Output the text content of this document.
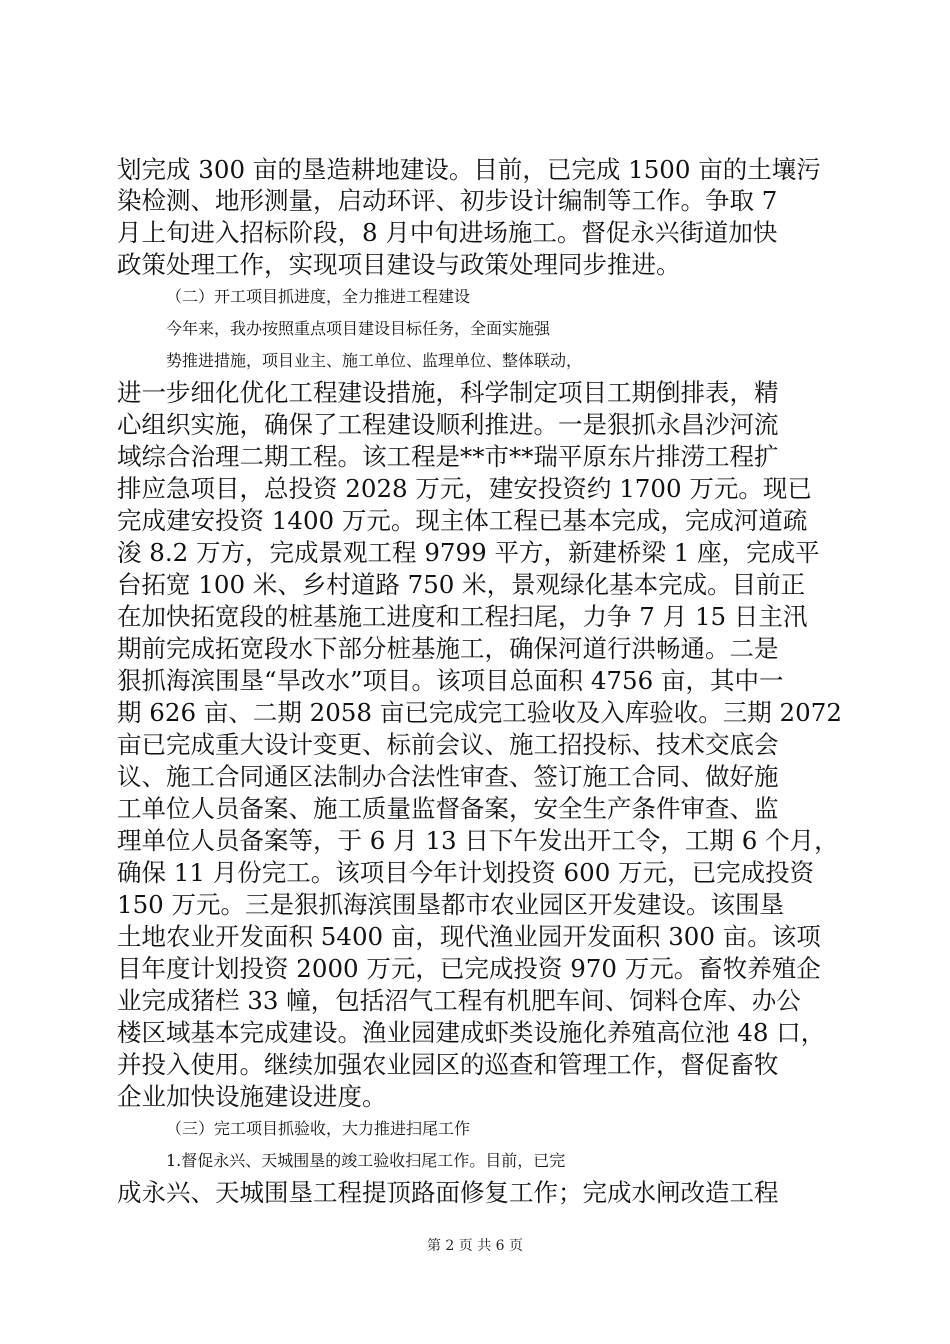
划完成 300 亩的垦造耕地建设。目前，已完成 1500 亩的土壤污
染检测、地形测量，启动环评、初步设计编制等工作。争取 7
月上旬进入招标阶段，8 月中旬进场施工。督促永兴街道加快
政策处理工作，实现项目建设与政策处理同步推进。
（二）开工项目抓进度，全力推进工程建设
今年来，我办按照重点项目建设目标任务，全面实施强
势推进措施，项目业主、施工单位、监理单位、整体联动，
进一步细化优化工程建设措施，科学制定项目工期倒排表，精
心组织实施，确保了工程建设顺利推进。一是狠抓永昌沙河流
域综合治理二期工程。该工程是**市**瑞平原东片排涝工程扩
排应急项目，总投资 2028 万元，建安投资约 1700 万元。现已
完成建安投资 1400 万元。现主体工程已基本完成，完成河道疏
浚 8.2 万方，完成景观工程 9799 平方，新建桥梁 1 座，完成平
台拓宽 100 米、乡村道路 750 米，景观绿化基本完成。目前正
在加快拓宽段的桩基施工进度和工程扫尾，力争 7 月 15 日主汛
期前完成拓宽段水下部分桩基施工，确保河道行洪畅通。二是
狠抓海滨围垦“旱改水”项目。该项目总面积 4756 亩，其中一
期 626 亩、二期 2058 亩已完成完工验收及入库验收。三期 2072
亩已完成重大设计变更、标前会议、施工招投标、技术交底会
议、施工合同通区法制办合法性审查、签订施工合同、做好施
工单位人员备案、施工质量监督备案，安全生产条件审查、监
理单位人员备案等，于 6 月 13 日下午发出开工令，工期 6 个月，
确保 11 月份完工。该项目今年计划投资 600 万元，已完成投资
150 万元。三是狠抓海滨围垦都市农业园区开发建设。该围垦
土地农业开发面积 5400 亩，现代渔业园开发面积 300 亩。该项
目年度计划投资 2000 万元，已完成投资 970 万元。畜牧养殖企
业完成猪栏 33 幢，包括沼气工程有机肥车间、饲料仓库、办公
楼区域基本完成建设。渔业园建成虾类设施化养殖高位池 48 口，
并投入使用。继续加强农业园区的巡查和管理工作，督促畜牧
企业加快设施建设进度。
（三）完工项目抓验收，大力推进扫尾工作
1.督促永兴、天城围垦的竣工验收扫尾工作。目前，已完
成永兴、天城围垦工程提顶路面修复工作；完成水闸改造工程
第 2 页 共 6 页
